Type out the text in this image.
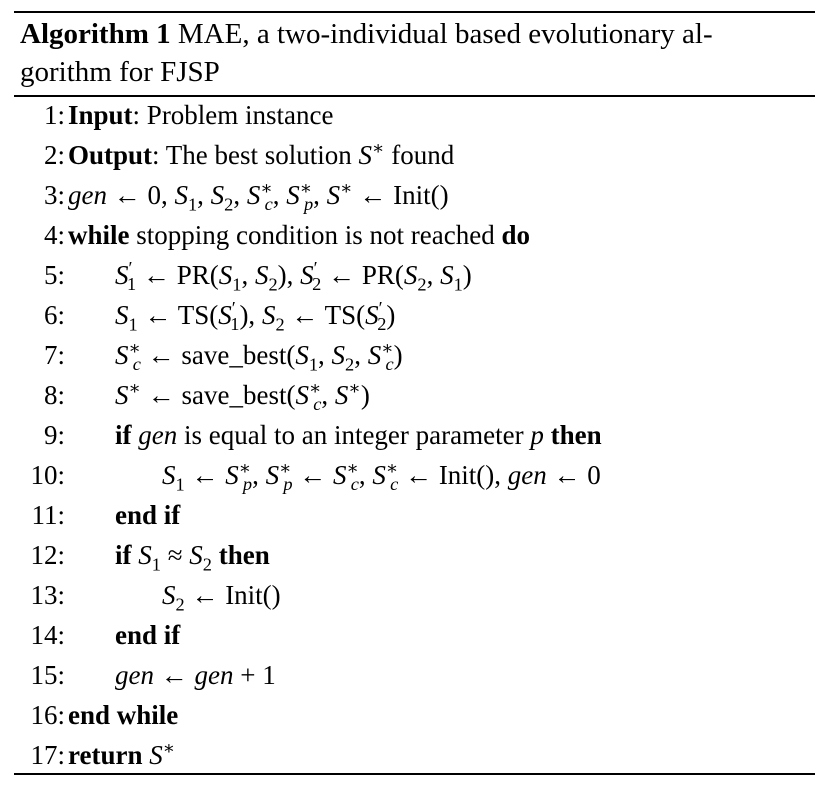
Algorithm 1 MAE, a two-individual based evolutionary al-
gorithm for FJSP
1: Input: Problem instance
2: Output: The best solution S∗ found
3: gen ← 0, $S_1$, $S_2$, $S^∗_c$, $S^∗_p$, S∗ ← Init()
4: while stopping condition is not reached do
5: $S'_1$ ← $PR(S_1$, $S_2$), $S'_2$ ← $PR(S_2$, $S_1$)
6: $S_1$ ← $TS(S'_1)$, $S_2$ ← $TS(S'_2)$
7: $S^∗_c$ ← $save\_best(S_1$, $S_2$, $S^∗_c$)
8: S∗ ← $save\_best(S^∗_c$, S∗)
9: if gen is equal to an integer parameter p then
10:	$S_1$ ← $S^∗_p$, $S^∗_p$ ← $S^∗_c$, $S^∗_c$ ← Init(), gen ← 0
11: end if
12: if $S_1 \approx S_2$ then
13:	$S_2$ ← Init()
14: end if
15: gen ← gen + 1
16: end while
17: return S∗
